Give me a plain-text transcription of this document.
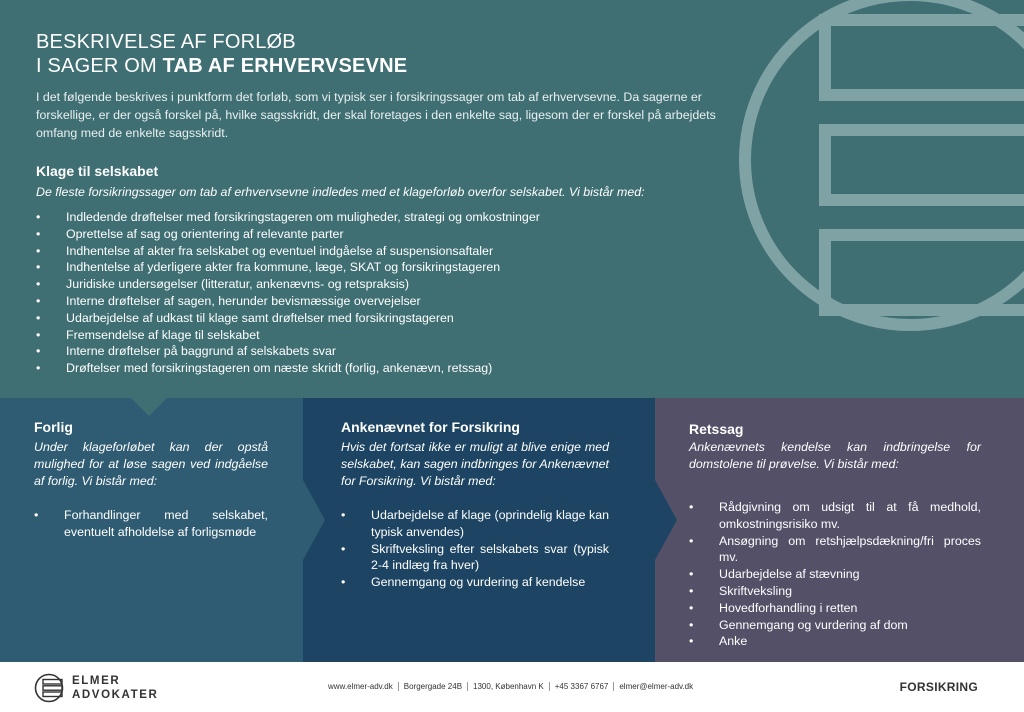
BESKRIVELSE AF FORLØB
I SAGER OM TAB AF ERHVERVSEVNE

I det følgende beskrives i punktform det forløb, som vi typisk ser i forsikringssager om tab af erhvervsevne. Da sagerne er forskellige, er der også forskel på, hvilke sagsskridt, der skal foretages i den enkelte sag, ligesom der er forskel på arbejdets omfang med de enkelte sagsskridt.

Klage til selskabet

De fleste forsikringssager om tab af erhvervsevne indledes med et klageforløb overfor selskabet. Vi bistår med:

• Indledende drøftelser med forsikringstageren om muligheder, strategi og omkostninger
• Oprettelse af sag og orientering af relevante parter
• Indhentelse af akter fra selskabet og eventuel indgåelse af suspensionsaftaler
• Indhentelse af yderligere akter fra kommune, læge, SKAT og forsikringstageren
• Juridiske undersøgelser (litteratur, ankenævns- og retspraksis)
• Interne drøftelser af sagen, herunder bevismæssige overvejelser
• Udarbejdelse af udkast til klage samt drøftelser med forsikringstageren
• Fremsendelse af klage til selskabet
• Interne drøftelser på baggrund af selskabets svar
• Drøftelser med forsikringstageren om næste skridt (forlig, ankenævn, retssag)
Forlig

Under klageforløbet kan der opstå mulighed for at løse sagen ved indgåelse af forlig. Vi bistår med:

• Forhandlinger med selskabet, eventuelt afholdelse af forligsmøde
Ankenævnet for Forsikring

Hvis det fortsat ikke er muligt at blive enige med selskabet, kan sagen indbringes for Ankenævnet for Forsikring. Vi bistår med:

• Udarbejdelse af klage (oprindelig klage kan typisk anvendes)
• Skriftveksling efter selskabets svar (typisk 2-4 indlæg fra hver)
• Gennemgang og vurdering af kendelse
Retssag

Ankenævnets kendelse kan indbringelse for domstolene til prøvelse. Vi bistår med:

• Rådgivning om udsigt til at få medhold, omkostningsrisiko mv.
• Ansøgning om retshjælpsdækning/fri proces mv.
• Udarbejdelse af stævning
• Skriftveksling
• Hovedforhandling i retten
• Gennemgang og vurdering af dom
• Anke
ELMER
ADVOKATER
www.elmer-adv.dk Borgergade 24B 1300, København K +45 3367 6767 elmer@elmer-adv.dk	FORSIKRING
